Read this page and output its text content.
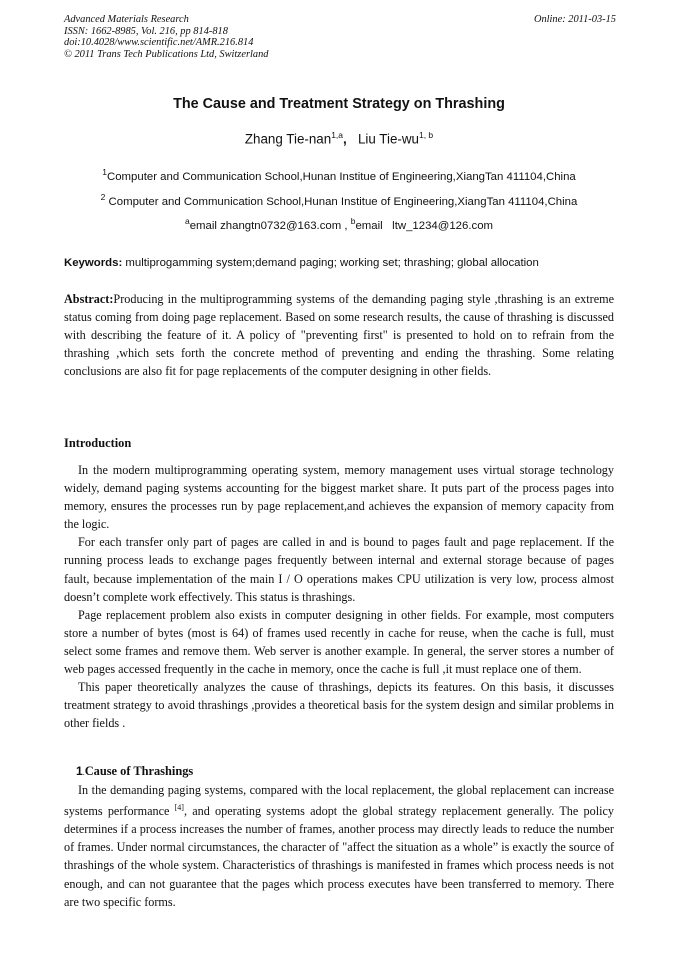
Advanced Materials Research
ISSN: 1662-8985, Vol. 216, pp 814-818
doi:10.4028/www.scientific.net/AMR.216.814
© 2011 Trans Tech Publications Ltd, Switzerland
Online: 2011-03-15
The Cause and Treatment Strategy on Thrashing
Zhang Tie-nan$^{1,a}$, Liu Tie-wu$^{1, b}$
$^1$Computer and Communication School,Hunan Institue of Engineering,XiangTan 411104,China
$^2$ Computer and Communication School,Hunan Institue of Engineering,XiangTan 411104,China
$^a$email zhangtn0732@163.com , $^b$email   ltw_1234@126.com
Keywords: multiprogamming system;demand paging; working set; thrashing; global allocation

Abstract:Producing in the multiprogramming systems of the demanding paging style ,thrashing is an extreme status coming from doing page replacement. Based on some research results, the cause of thrashing is discussed with describing the feature of it. A policy of "preventing first" is presented to hold on to refrain from the thrashing ,which sets forth the concrete method of preventing and ending the thrashing. Some relating conclusions are also fit for page replacements of the computer designing in other fields.

Introduction

In the modern multiprogramming operating system, memory management uses virtual storage technology widely, demand paging systems accounting for the biggest market share. It puts part of the process pages into memory, ensures the processes run by page replacement,and achieves the expansion of memory capacity from the logic.

For each transfer only part of pages are called in and is bound to pages fault and page replacement. If the running process leads to exchange pages frequently between internal and external storage because of pages fault, because implementation of the main I / O operations makes CPU utilization is very low, process almost doesn’t complete work effectively. This status is thrashings.

Page replacement problem also exists in computer designing in other fields. For example, most computers store a number of bytes (most is 64) of frames used recently in cache for reuse, when the cache is full, must select some frames and remove them. Web server is another example. In general, the server stores a number of web pages accessed frequently in the cache in memory, once the cache is full ,it must replace one of them.

This paper theoretically analyzes the cause of thrashings, depicts its features. On this basis, it discusses treatment strategy to avoid thrashings ,provides a theoretical basis for the system design and similar problems in other fields .

1.Cause of Thrashings

In the demanding paging systems, compared with the local replacement, the global replacement can increase systems performance [4], and operating systems adopt the global strategy replacement generally. The policy determines if a process increases the number of frames, another process may directly leads to reduce the number of frames. Under normal circumstances, the character of "affect the situation as a whole” is exactly the source of thrashings of the whole system. Characteristics of thrashings is manifested in frames which process needs is not enough, and can not guarantee that the pages which process executes have been transferred to memory. There are two specific forms.
